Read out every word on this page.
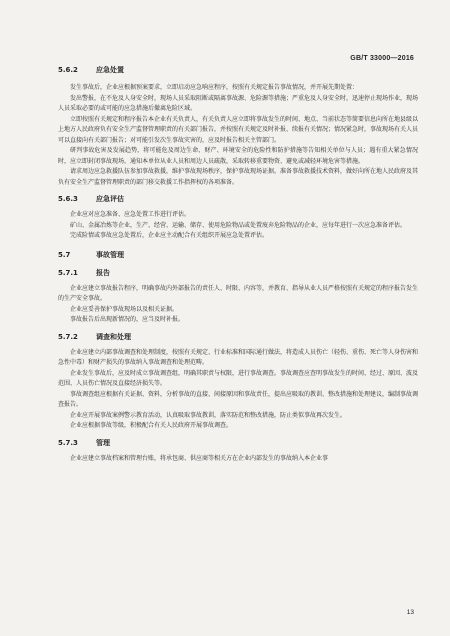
GB/T 33000—2016
5.6.2	应急处置
发生事故后，企业应根据预案要求，立即启动应急响应程序，按照有关规定报告事故情况，并开展先期处置：
发出警报，在不危及人身安全时，现场人员采取阻断或隔离事故源、危险源等措施；严重危及人身安全时，迅速停止现场作业，现场人员采取必要的或可能的应急措施后撤离危险区域。
立即按照有关规定和程序报告本企业有关负责人，有关负责人应立即将事故发生的时间、地点、当前状态等简要信息向所在地县级以上地方人民政府负有安全生产监督管理职责的有关部门报告，并按照有关规定及时补报、续报有关情况；情况紧急时，事故现场有关人员可以直接向有关部门报告；对可能引发次生事故灾害的，应及时报告相关主管部门。
研判事故危害及发展趋势，将可能危及周边生命、财产、环境安全的危险性和防护措施等告知相关单位与人员；遇有重大紧急情况时，应立即封闭事故现场，通知本单位从业人员和周边人员疏散，采取转移重要物资、避免或减轻环境危害等措施。
请求周边应急救援队伍参加事故救援，维护事故现场秩序，保护事故现场证据。准备事故救援技术资料，做好向所在地人民政府及其负有安全生产监督管理职责的部门移交救援工作指挥权的各项准备。
5.6.3	应急评估
企业应对应急准备、应急处置工作进行评估。
矿山、金属冶炼等企业，生产、经营、运输、储存、使用危险物品或处置废弃危险物品的企业，应每年进行一次应急准备评估。
完成险情或事故应急处置后，企业应主动配合有关组织开展应急处置评估。
5.7	事故管理
5.7.1	报告
企业应建立事故报告程序，明确事故内外部报告的责任人、时限、内容等，并教育、指导从业人员严格按照有关规定的程序报告发生的生产安全事故。
企业应妥善保护事故现场以及相关证据。
事故报告后出现新情况的，应当及时补报。
5.7.2	调查和处理
企业应建立内部事故调查和处理制度，按照有关规定、行业标准和国际通行做法，将造成人员伤亡（轻伤、重伤、死亡等人身伤害和急性中毒）和财产损失的事故纳入事故调查和处理范畴。
企业发生事故后，应及时成立事故调查组，明确其职责与权限，进行事故调查。事故调查应查明事故发生的时间、经过、原因、波及范围、人员伤亡情况及直接经济损失等。
事故调查组应根据有关证据、资料，分析事故的直接、间接原因和事故责任，提出应吸取的教训、整改措施和处理建议，编制事故调查报告。
企业应开展事故案例警示教育活动，认真吸取事故教训，落实防范和整改措施，防止类似事故再次发生。
企业应根据事故等级，积极配合有关人民政府开展事故调查。
5.7.3	管理
企业应建立事故档案和管理台账，将承包商、供应商等相关方在企业内部发生的事故纳入本企业事
13
